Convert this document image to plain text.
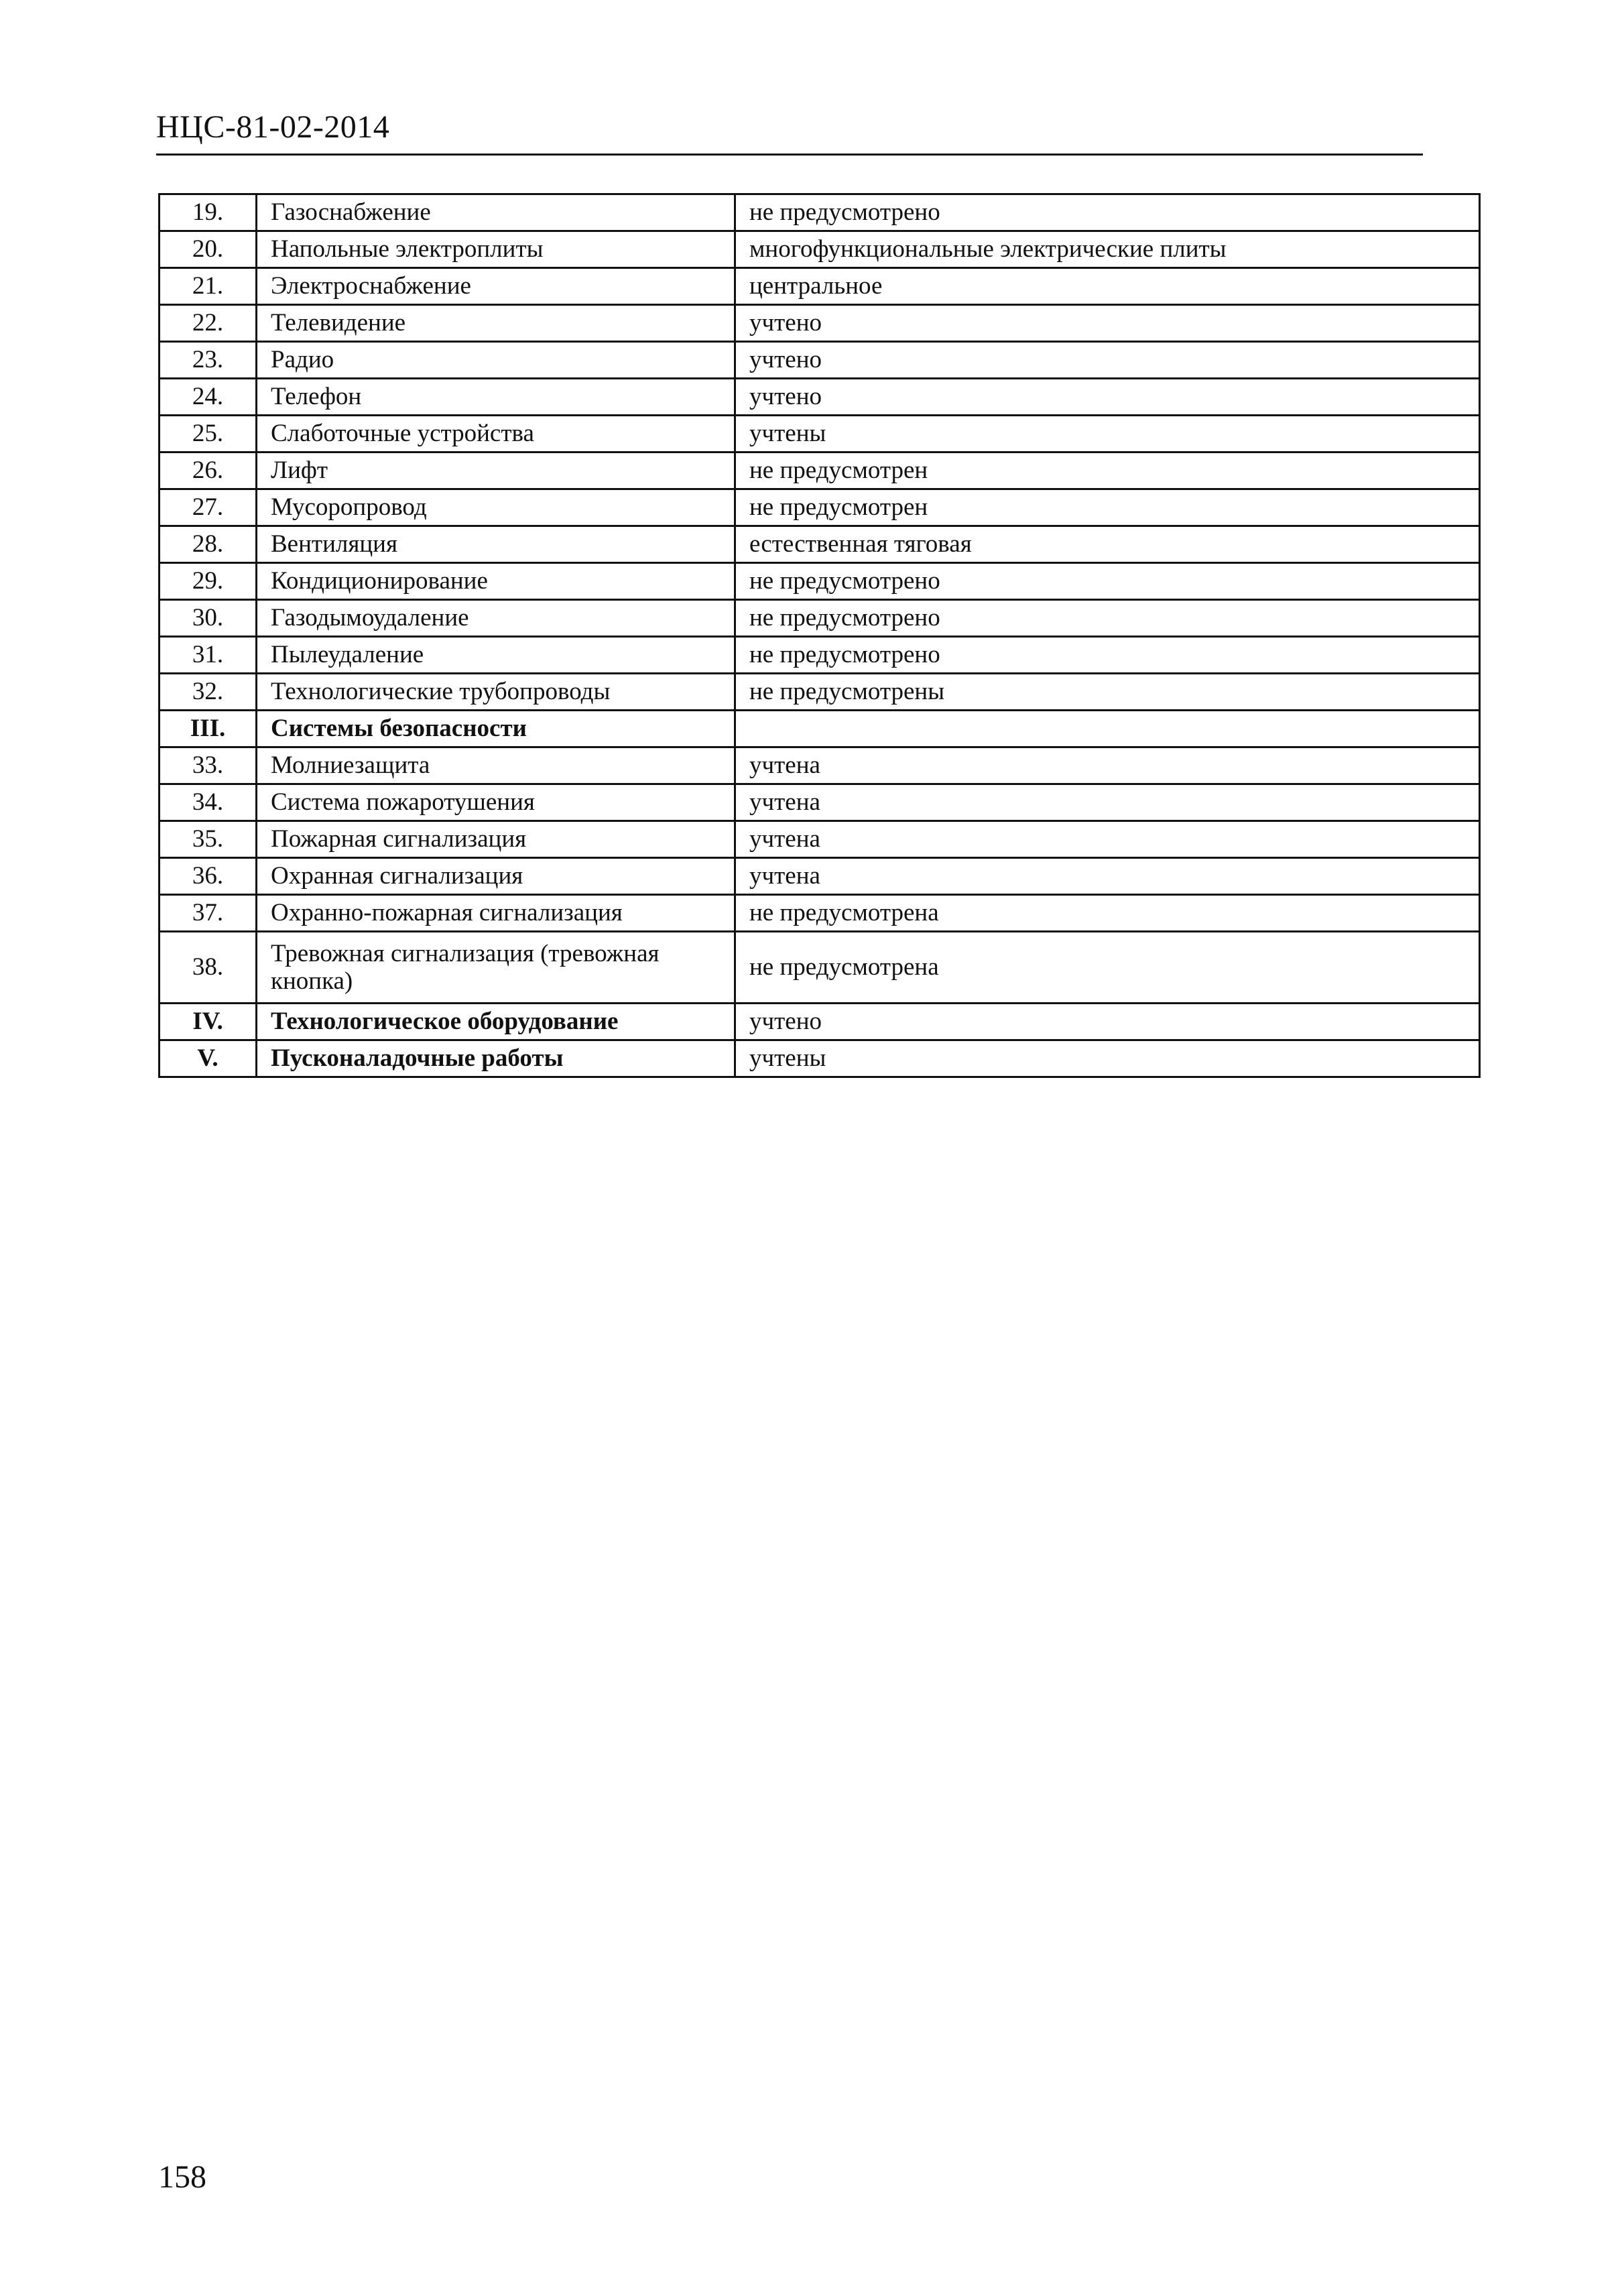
НЦС-81-02-2014
19.	Газоснабжение	не предусмотрено
20.	Напольные электроплиты	многофункциональные электрические плиты
21.	Электроснабжение	центральное
22.	Телевидение	учтено
23.	Радио	учтено
24.	Телефон	учтено
25.	Слаботочные устройства	учтены
26.	Лифт	не предусмотрен
27.	Мусоропровод	не предусмотрен
28.	Вентиляция	естественная тяговая
29.	Кондиционирование	не предусмотрено
30.	Газодымоудаление	не предусмотрено
31.	Пылеудаление	не предусмотрено
32.	Технологические трубопроводы	не предусмотрены
III.	Системы безопасности	
33.	Молниезащита	учтена
34.	Система пожаротушения	учтена
35.	Пожарная сигнализация	учтена
36.	Охранная сигнализация	учтена
37.	Охранно-пожарная сигнализация	не предусмотрена
38.	Тревожная сигнализация (тревожная кнопка)	не предусмотрена
IV.	Технологическое оборудование	учтено
V.	Пусконаладочные работы	учтены
158
